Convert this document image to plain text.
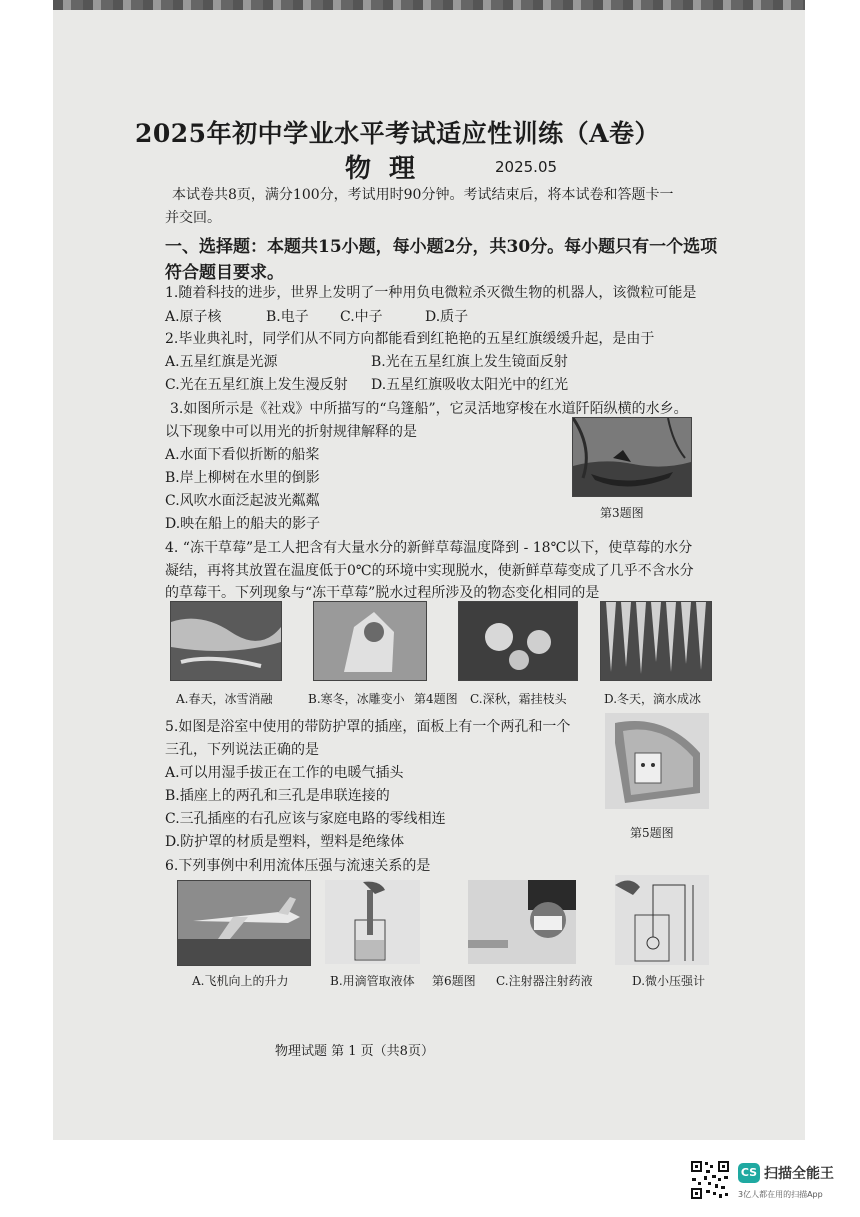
2025年初中学业水平考试适应性训练（A卷）
物理	2025.05
本试卷共8页，满分100分，考试用时90分钟。考试结束后，将本试卷和答题卡一
并交回。
一、选择题：本题共15小题，每小题2分，共30分。每小题只有一个选项
符合题目要求。
1.随着科技的进步，世界上发明了一种用负电微粒杀灭微生物的机器人，该微粒可能是
A.原子核	B.电子 C.中子	D.质子
2.毕业典礼时，同学们从不同方向都能看到红艳艳的五星红旗缓缓升起，是由于
A.五星红旗是光源	B.光在五星红旗上发生镜面反射
C.光在五星红旗上发生漫反射 D.五星红旗吸收太阳光中的红光
3.如图所示是《社戏》中所描写的“乌篷船”，它灵活地穿梭在水道阡陌纵横的水乡。
以下现象中可以用光的折射规律解释的是
A.水面下看似折断的船桨
B.岸上柳树在水里的倒影
C.风吹水面泛起波光粼粼
D.映在船上的船夫的影子
第3题图
4. “冻干草莓”是工人把含有大量水分的新鲜草莓温度降到 - 18℃以下，使草莓的水分
凝结，再将其放置在温度低于0℃的环境中实现脱水，使新鲜草莓变成了几乎不含水分
的草莓干。下列现象与“冻干草莓”脱水过程所涉及的物态变化相同的是
A.春天，冰雪消融	B.寒冬，冰雕变小 第4题图 C.深秋，霜挂枝头	D.冬天，滴水成冰
5.如图是浴室中使用的带防护罩的插座，面板上有一个两孔和一个
三孔，下列说法正确的是
A.可以用湿手拔正在工作的电暖气插头
B.插座上的两孔和三孔是串联连接的
C.三孔插座的右孔应该与家庭电路的零线相连
D.防护罩的材质是塑料，塑料是绝缘体
第5题图
6.下列事例中利用流体压强与流速关系的是
A.飞机向上的升力	B.用滴管取液体 第6题图 C.注射器注射药液	D.微小压强计
物理试题 第 1 页（共8页）
CS 扫描全能王
3亿人都在用的扫描App
